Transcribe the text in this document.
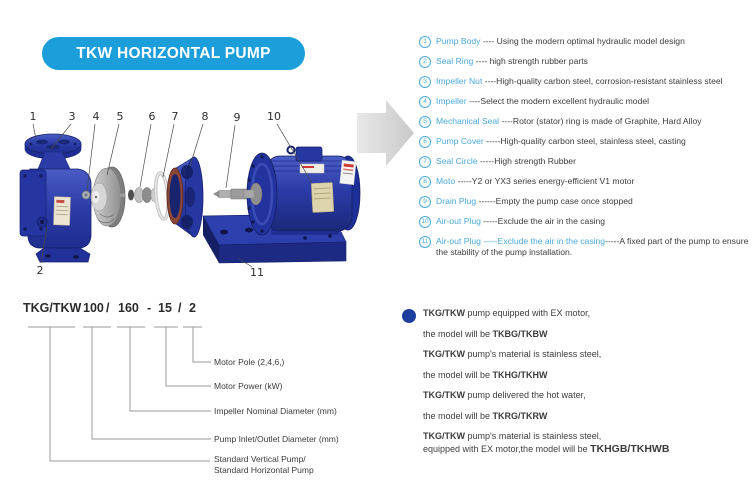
TKW HORIZONTAL PUMP
1
2
3 4 5 6 7 8 9 10
11
1	Pump Body ---- Using the modern optimal hydraulic model design
2	Seal Ring ---- high strength rubber parts
3	Impeller Nut ----High-quality carbon steel, corrosion-resistant stainless steel
4	Impeller ----Select the modern excellent hydraulic model
5	Mechanical Seal ----Rotor (stator) ring is made of Graphite, Hard Alloy
6	Pump Cover -----High-quality carbon steel, stainless steel, casting
7	Seal Circle -----High strength Rubber
8	Moto -----Y2 or YX3 series energy-efficient V1 motor
9	Drain Plug ------Empty the pump case once stopped
10 Air-out Plug -----Exclude the air in the casing
11 Air-out Plug -----Exclude the air in the casing-----A fixed part of the pump to ensure the stability of the pump installation.
TKG/TKW 100 / 160 - 15 / 2
Motor Pole (2,4,6,)
Motor Power (kW)
Impeller Nominal Diameter (mm)
Pump Inlet/Outlet Diameter (mm)
Standard Vertical Pump/
Standard Horizontal Pump
TKG/TKW pump equipped with EX motor,
the model will be TKBG/TKBW
TKG/TKW pump's material is stainless steel,
the model will be TKHG/TKHW
TKG/TKW pump delivered the hot water,
the model will be TKRG/TKRW
TKG/TKW pump's material is stainless steel,
equipped with EX motor,the model will be TKHGB/TKHWB
